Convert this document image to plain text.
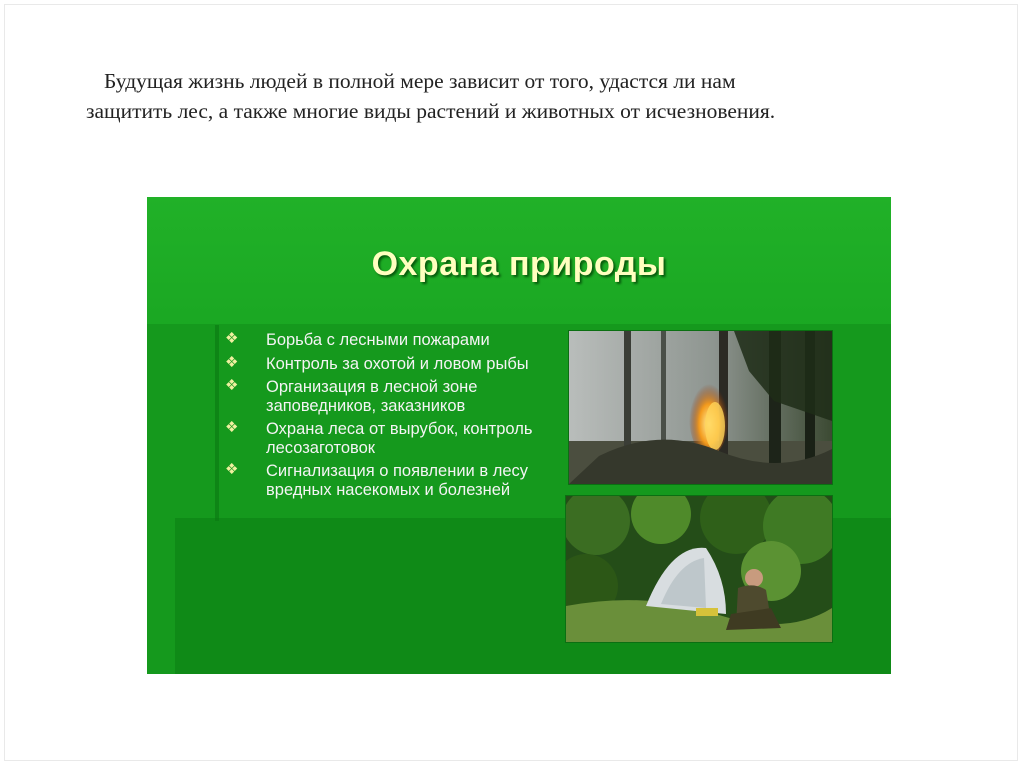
Будущая жизнь людей в полной мере зависит от того, удастся ли нам
защитить лес, а также многие виды растений и животных от исчезновения.

Охрана природы
❖ Борьба с лесными пожарами
❖ Контроль за охотой и ловом рыбы
❖ Организация в лесной зоне заповедников, заказников
❖ Охрана леса от вырубок, контроль лесозаготовок
❖ Сигнализация о появлении в лесу вредных насекомых и болезней
